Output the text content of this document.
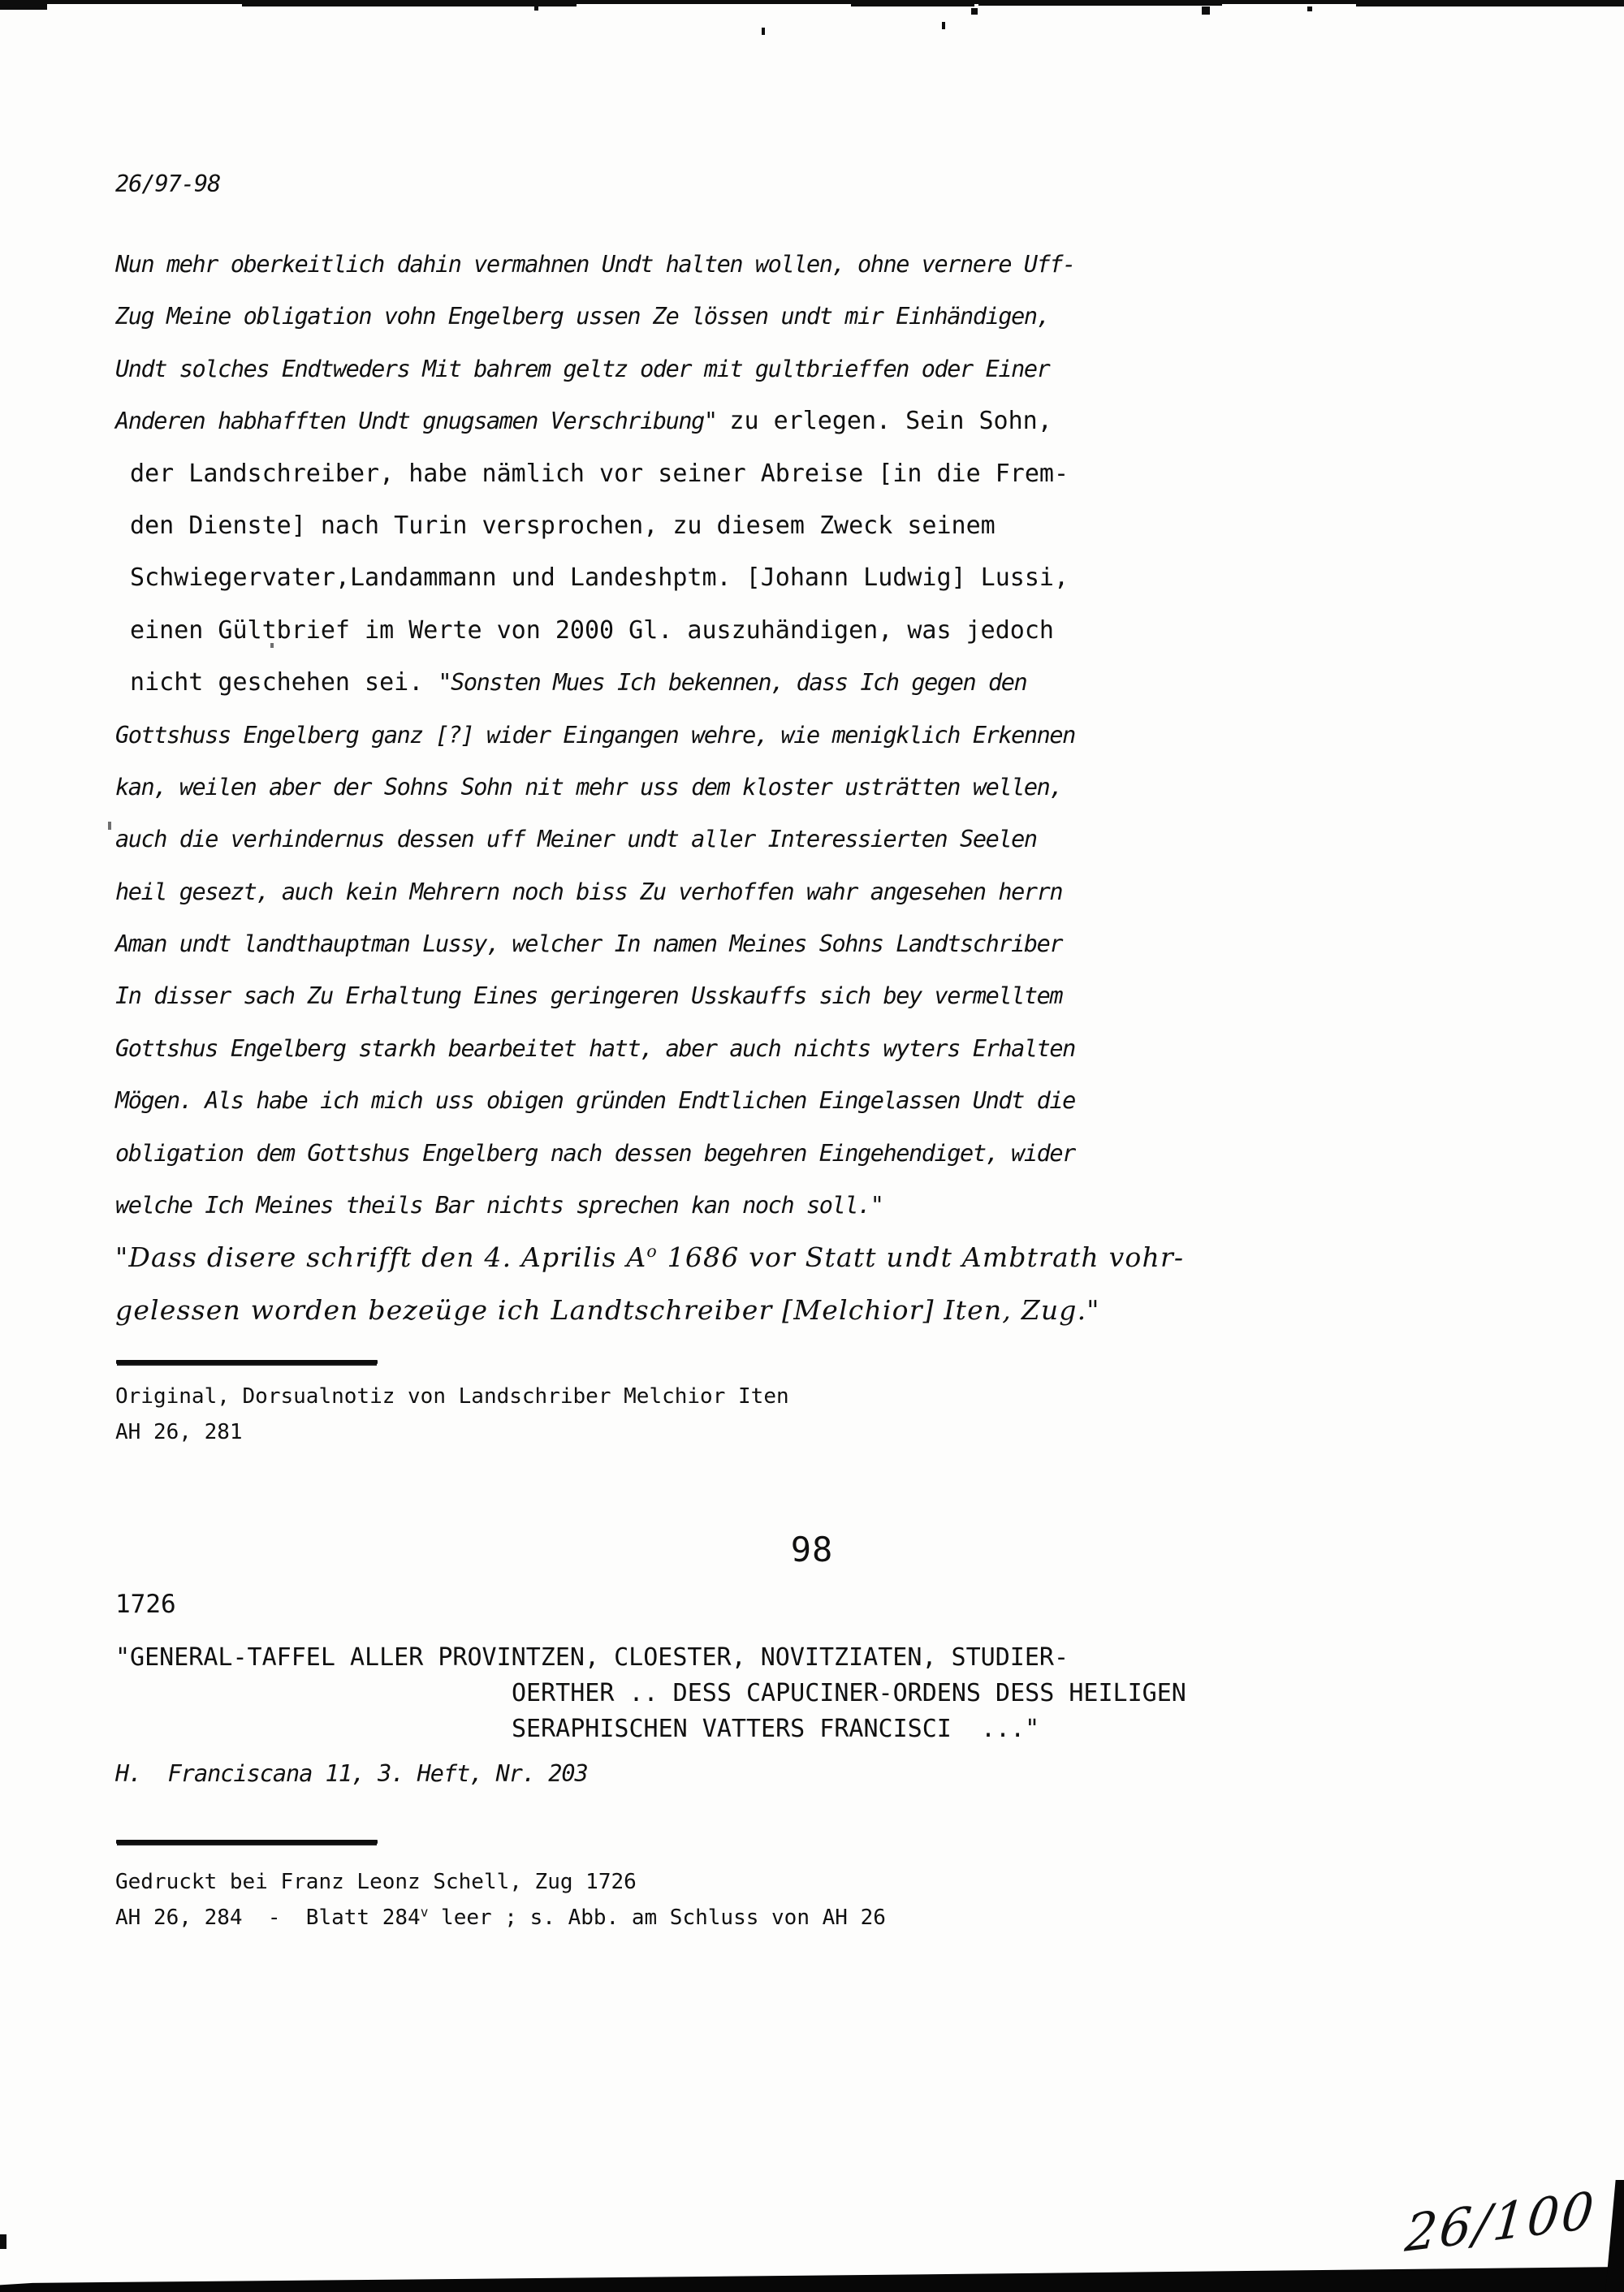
26/97-98
Nun mehr oberkeitlich dahin vermahnen Undt halten wollen, ohne vernere Uff-
Zug Meine obligation vohn Engelberg ussen Ze lössen undt mir Einhändigen,
Undt solches Endtweders Mit bahrem geltz oder mit gultbrieffen oder Einer
Anderen habhafften Undt gnugsamen Verschribung" zu erlegen. Sein Sohn,
der Landschreiber, habe nämlich vor seiner Abreise [in die Frem-
den Dienste] nach Turin versprochen, zu diesem Zweck seinem
Schwiegervater,Landammann und Landeshptm. [Johann Ludwig] Lussi,
einen Gültbrief im Werte von 2000 Gl. auszuhändigen, was jedoch
nicht geschehen sei. "Sonsten Mues Ich bekennen, dass Ich gegen den
Gottshuss Engelberg ganz [?] wider Eingangen wehre, wie menigklich Erkennen
kan, weilen aber der Sohns Sohn nit mehr uss dem kloster usträtten wellen,
auch die verhindernus dessen uff Meiner undt aller Interessierten Seelen
heil gesezt, auch kein Mehrern noch biss Zu verhoffen wahr angesehen herrn
Aman undt landthauptman Lussy, welcher In namen Meines Sohns Landtschriber
In disser sach Zu Erhaltung Eines geringeren Usskauffs sich bey vermelltem
Gottshus Engelberg starkh bearbeitet hatt, aber auch nichts wyters Erhalten
Mögen. Als habe ich mich uss obigen gründen Endtlichen Eingelassen Undt die
obligation dem Gottshus Engelberg nach dessen begehren Eingehendiget, wider
welche Ich Meines theils Bar nichts sprechen kan noch soll."
"Dass disere schrifft den 4. Aprilis $A^o$ 1686 vor Statt undt Ambtrath vohr-
gelessen worden bezeüge ich Landtschreiber [Melchior] Iten, Zug."
Original, Dorsualnotiz von Landschriber Melchior Iten
AH 26, 281
98
1726
"GENERAL-TAFFEL ALLER PROVINTZEN, CLOESTER, NOVITZIATEN, STUDIER-
OERTHER .. DESS CAPUCINER-ORDENS DESS HEILIGEN
SERAPHISCHEN VATTERS FRANCISCI  ..."
H.  Franciscana 11, 3. Heft, Nr. 203
Gedruckt bei Franz Leonz Schell, Zug 1726
AH 26, 284  -  Blatt 284$^v$ leer ; s. Abb. am Schluss von AH 26
26/100
